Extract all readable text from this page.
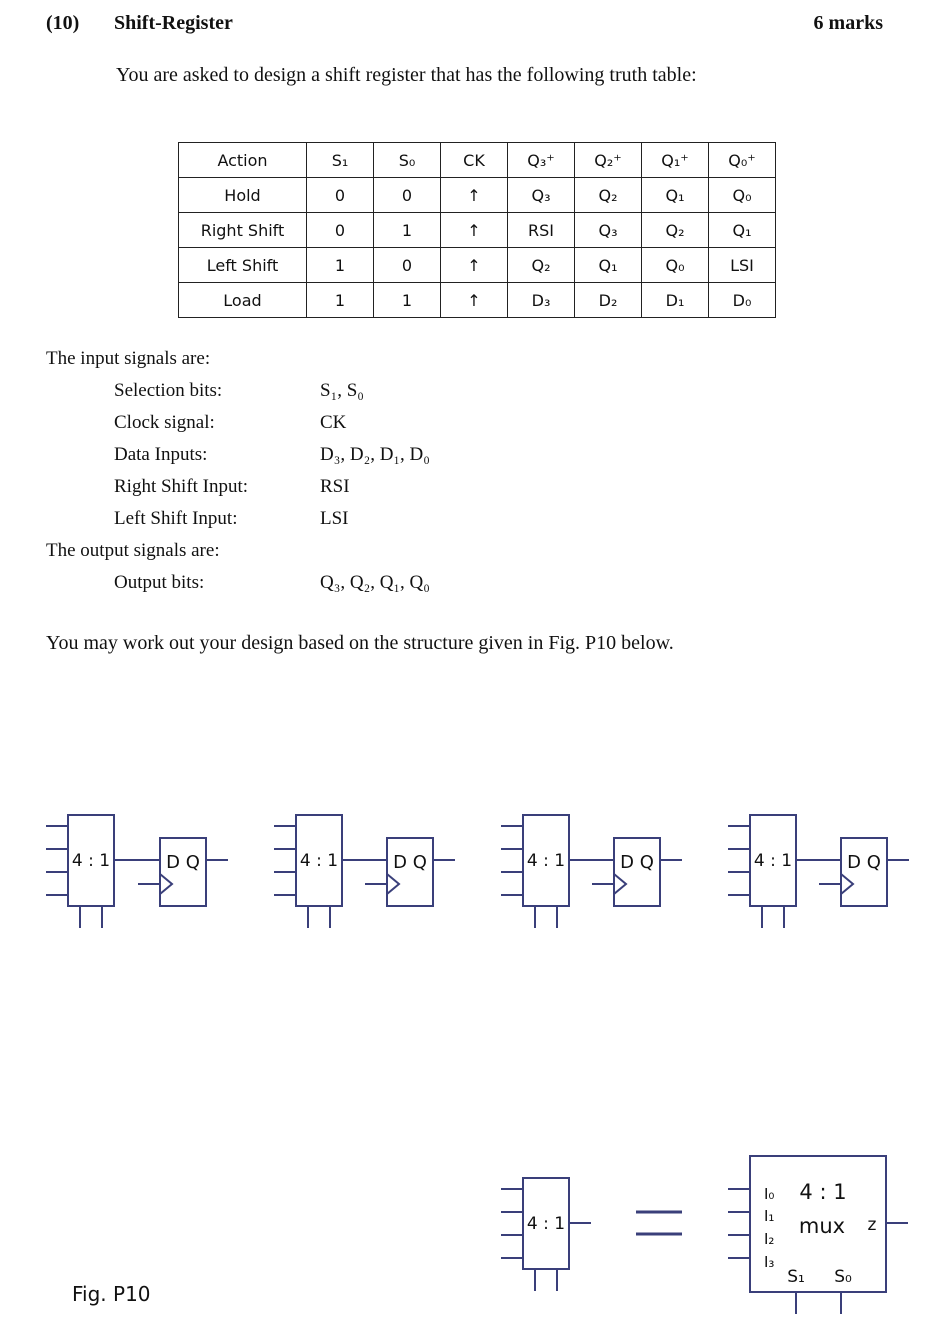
(10) Shift-Register	6 marks
You are asked to design a shift register that has the following truth table:
Action	S₁	S₀	CK	Q₃⁺	Q₂⁺	Q₁⁺	Q₀⁺
Hold	0	0	↑	Q₃	Q₂	Q₁	Q₀
Right Shift	0	1	↑	RSI	Q₃	Q₂	Q₁
Left Shift	1	0	↑	Q₂	Q₁	Q₀	LSI
Load	1	1	↑	D₃	D₂	D₁	D₀
The input signals are:
Selection bits:	S₁, S₀
Clock signal:	CK
Data Inputs:	D₃, D₂, D₁, D₀
Right Shift Input:	RSI
Left Shift Input:	LSI
The output signals are:
Output bits:	Q₃, Q₂, Q₁, Q₀
You may work out your design based on the structure given in Fig. P10 below.
4 : 1	D Q	4 : 1	D Q	4 : 1	D Q	4 : 1	D Q
4 : 1
4 : 1
mux z
I₀
I₁
I₂
I₃
S₁ S₀
Fig. P10
